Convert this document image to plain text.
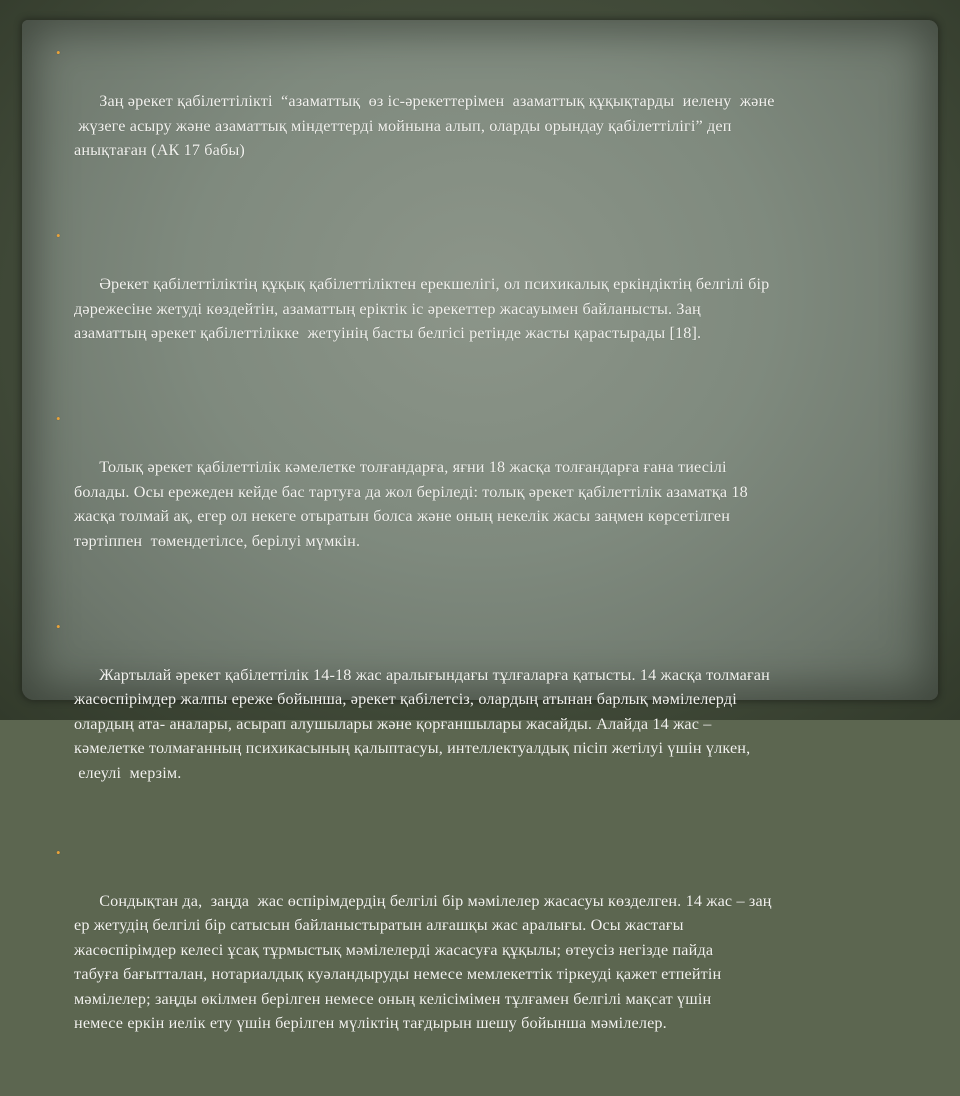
•

Заң әрекет қабілеттілікті  “азаматтық  өз іс-әрекеттерімен  азаматтық құқықтарды  иелену  және
жүзеге асыру және азаматтық міндеттерді мойнына алып, оларды орындау қабілеттілігі” деп
анықтаған (АК 17 бабы)

•

Әрекет қабілеттіліктің құқық қабілеттіліктен ерекшелігі, ол психикалық еркіндіктің белгілі бір
дәрежесіне жетуді көздейтін, азаматтың еріктік іс әрекеттер жасауымен байланысты. Заң
азаматтың әрекет қабілеттілікке  жетуінің басты белгісі ретінде жасты қарастырады [18].

•

Толық әрекет қабілеттілік кәмелетке толғандарға, яғни 18 жасқа толғандарға ғана тиесілі
болады. Осы ережеден кейде бас тартуға да жол беріледі: толық әрекет қабілеттілік азаматқа 18
жасқа толмай ақ, егер ол некеге отыратын болса және оның некелік жасы заңмен көрсетілген
тәртіппен  төмендетілсе, берілуі мүмкін.

•

Жартылай әрекет қабілеттілік 14-18 жас аралығындағы тұлғаларға қатысты. 14 жасқа толмаған
жасөспірімдер жалпы ереже бойынша, әрекет қабілетсіз, олардың атынан барлық мәмілелерді
олардың ата- аналары, асырап алушылары және қорғаншылары жасайды. Алайда 14 жас –
кәмелетке толмағанның психикасының қалыптасуы, интеллектуалдық пісіп жетілуі үшін үлкен,
елеулі  мерзім.

•

Сондықтан да,  заңда  жас өспірімдердің белгілі бір мәмілелер жасасуы көзделген. 14 жас – заң
ер жетудің белгілі бір сатысын байланыстыратын алғашқы жас аралығы. Осы жастағы
жасөспірімдер келесі ұсақ тұрмыстық мәмілелерді жасасуға құқылы; өтеусіз негізде пайда
табуға бағытталан, нотариалдық куәландыруды немесе мемлекеттік тіркеуді қажет етпейтін
мәмілелер; заңды өкілмен берілген немесе оның келісімімен тұлғамен белгілі мақсат үшін
немесе еркін иелік ету үшін берілген мүліктің тағдырын шешу бойынша мәмілелер.
